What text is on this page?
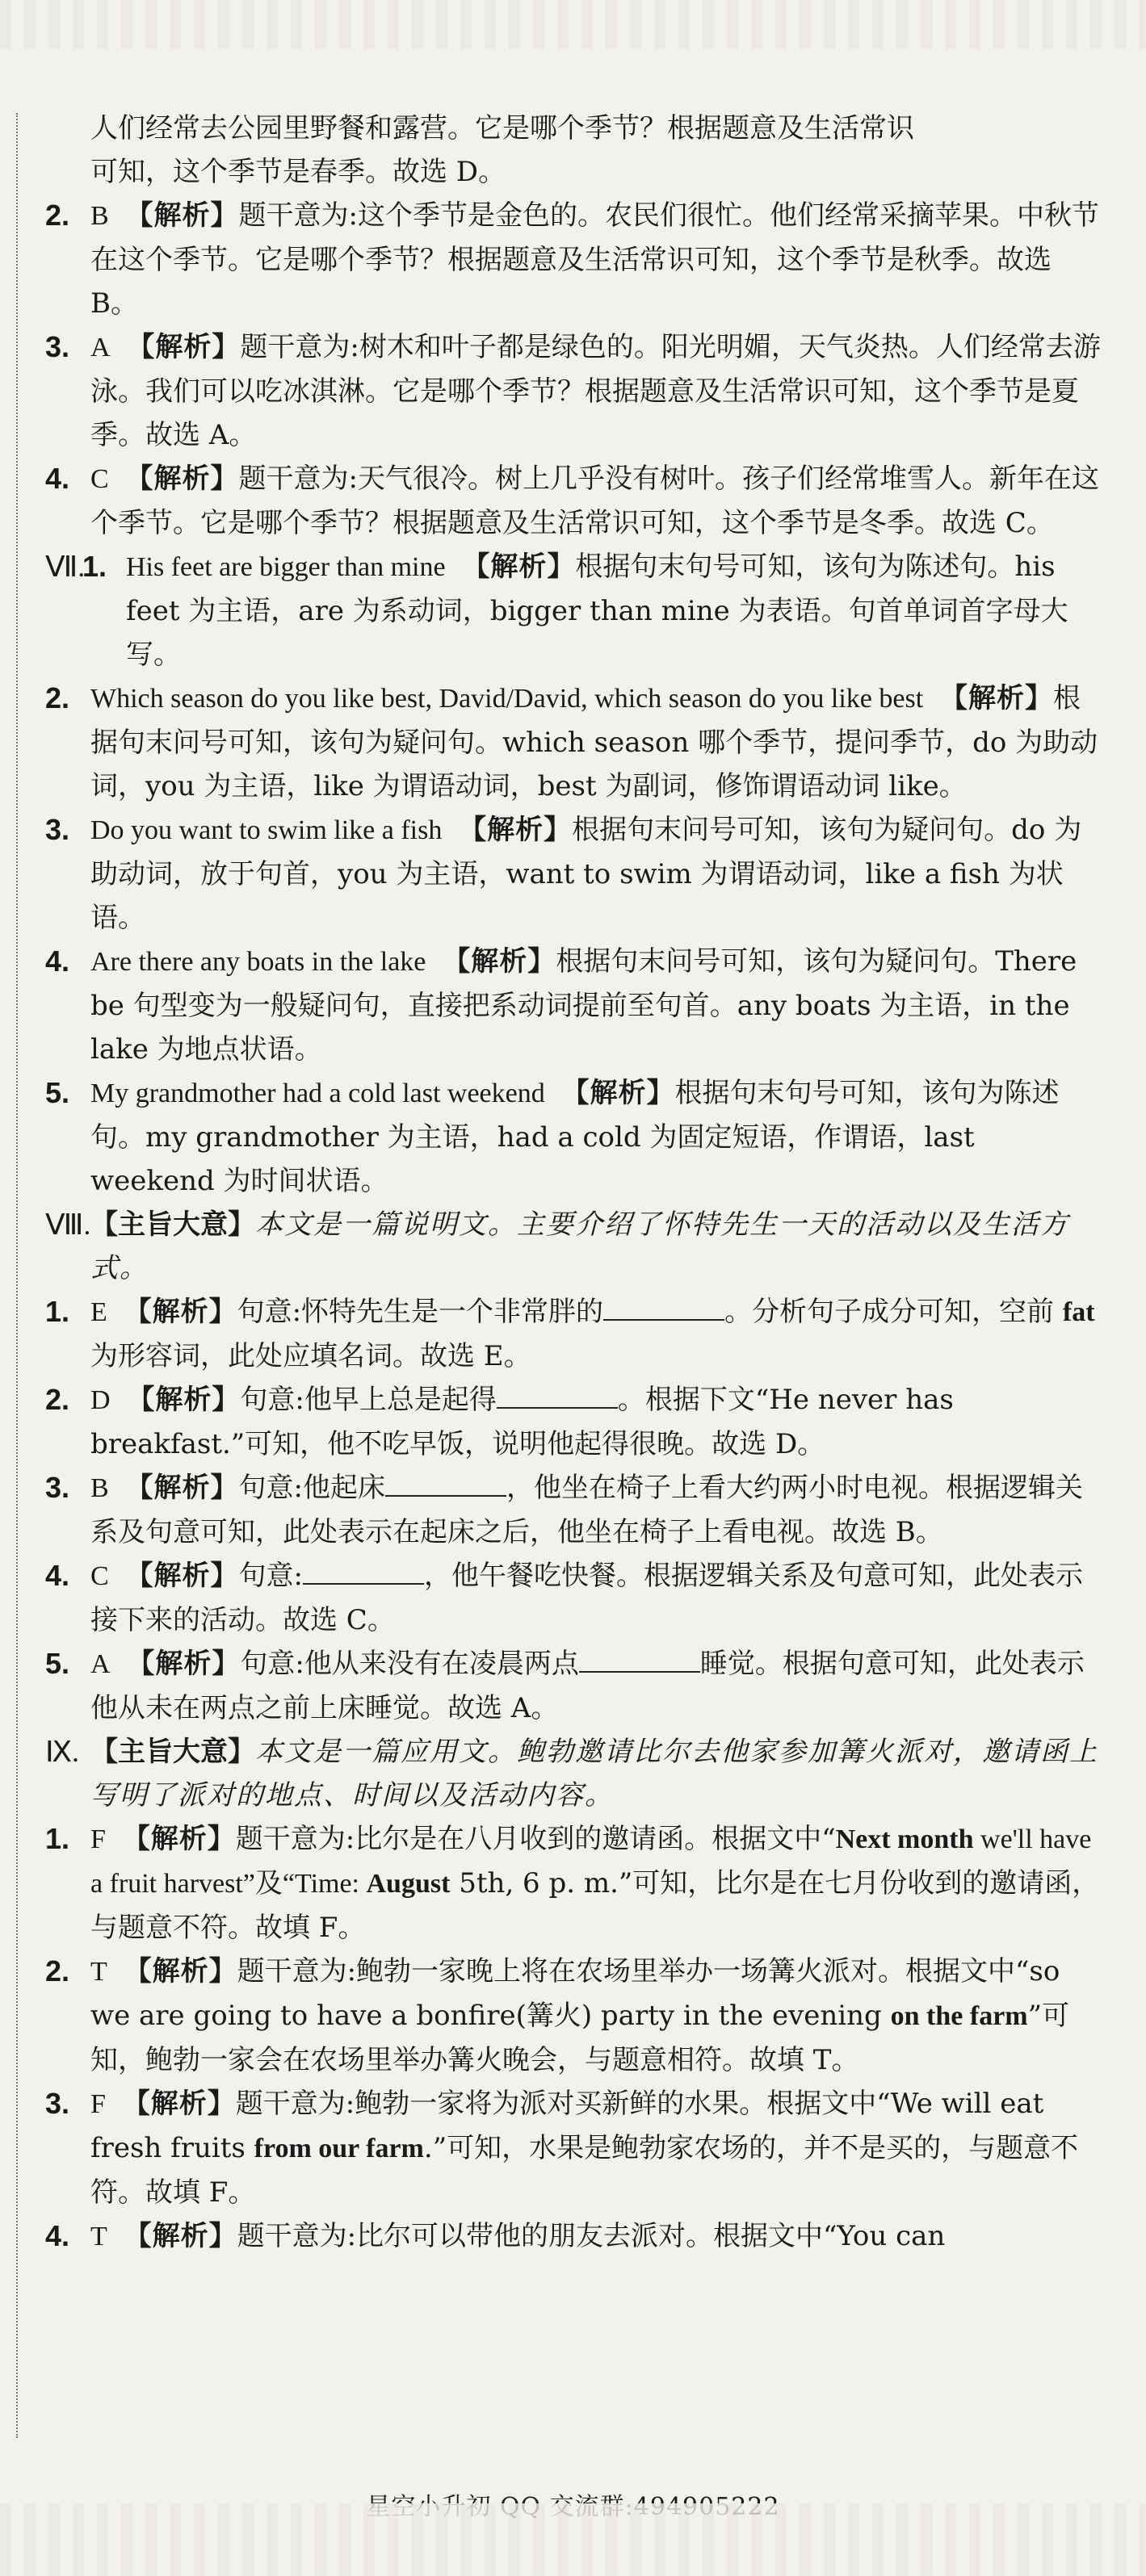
人们经常去公园里野餐和露营。它是哪个季节？根据题意及生活常识
可知，这个季节是春季。故选 D。

2. B 【解析】题干意为:这个季节是金色的。农民们很忙。他们经常采摘苹果。中秋节在这个季节。它是哪个季节？根据题意及生活常识可知，这个季节是秋季。故选 B。

3. A 【解析】题干意为:树木和叶子都是绿色的。阳光明媚，天气炎热。人们经常去游泳。我们可以吃冰淇淋。它是哪个季节？根据题意及生活常识可知，这个季节是夏季。故选 A。

4. C 【解析】题干意为:天气很冷。树上几乎没有树叶。孩子们经常堆雪人。新年在这个季节。它是哪个季节？根据题意及生活常识可知，这个季节是冬季。故选 C。

Ⅶ.
1. His feet are bigger than mine 【解析】根据句末句号可知，该句为陈述句。his feet 为主语，are 为系动词，bigger than mine 为表语。句首单词首字母大写。

2. Which season do you like best, David/David, which season do you like best 【解析】根据句末问号可知，该句为疑问句。which season 哪个季节，提问季节，do 为助动词，you 为主语，like 为谓语动词，best 为副词，修饰谓语动词 like。

3. Do you want to swim like a fish 【解析】根据句末问号可知，该句为疑问句。do 为助动词，放于句首，you 为主语，want to swim 为谓语动词，like a fish 为状语。

4. Are there any boats in the lake 【解析】根据句末问号可知，该句为疑问句。There be 句型变为一般疑问句，直接把系动词提前至句首。any boats 为主语，in the lake 为地点状语。

5. My grandmother had a cold last weekend 【解析】根据句末句号可知，该句为陈述句。my grandmother 为主语，had a cold 为固定短语，作谓语，last weekend 为时间状语。

Ⅷ. 【主旨大意】本文是一篇说明文。主要介绍了怀特先生一天的活动以及生活方式。

1. E 【解析】句意:怀特先生是一个非常胖的	。分析句子成分可知，空前 fat 为形容词，此处应填名词。故选 E。

2. D 【解析】句意:他早上总是起得	。根据下文“He never has breakfast.”可知，他不吃早饭，说明他起得很晚。故选 D。

3. B 【解析】句意:他起床	，他坐在椅子上看大约两小时电视。根据逻辑关系及句意可知，此处表示在起床之后，他坐在椅子上看电视。故选 B。

4. C 【解析】句意:	，他午餐吃快餐。根据逻辑关系及句意可知，此处表示接下来的活动。故选 C。

5. A 【解析】句意:他从来没有在凌晨两点	睡觉。根据句意可知，此处表示他从未在两点之前上床睡觉。故选 A。

Ⅸ. 【主旨大意】本文是一篇应用文。鲍勃邀请比尔去他家参加篝火派对，邀请函上写明了派对的地点、时间以及活动内容。

1. F 【解析】题干意为:比尔是在八月收到的邀请函。根据文中“Next month we'll have a fruit harvest”及“Time: August 5th, 6 p. m.”可知，比尔是在七月份收到的邀请函，与题意不符。故填 F。

2. T 【解析】题干意为:鲍勃一家晚上将在农场里举办一场篝火派对。根据文中“so we are going to have a bonfire(篝火) party in the evening on the farm”可知，鲍勃一家会在农场里举办篝火晚会，与题意相符。故填 T。

3. F 【解析】题干意为:鲍勃一家将为派对买新鲜的水果。根据文中“We will eat fresh fruits from our farm.”可知，水果是鲍勃家农场的，并不是买的，与题意不符。故填 F。

4. T 【解析】题干意为:比尔可以带他的朋友去派对。根据文中“You can
